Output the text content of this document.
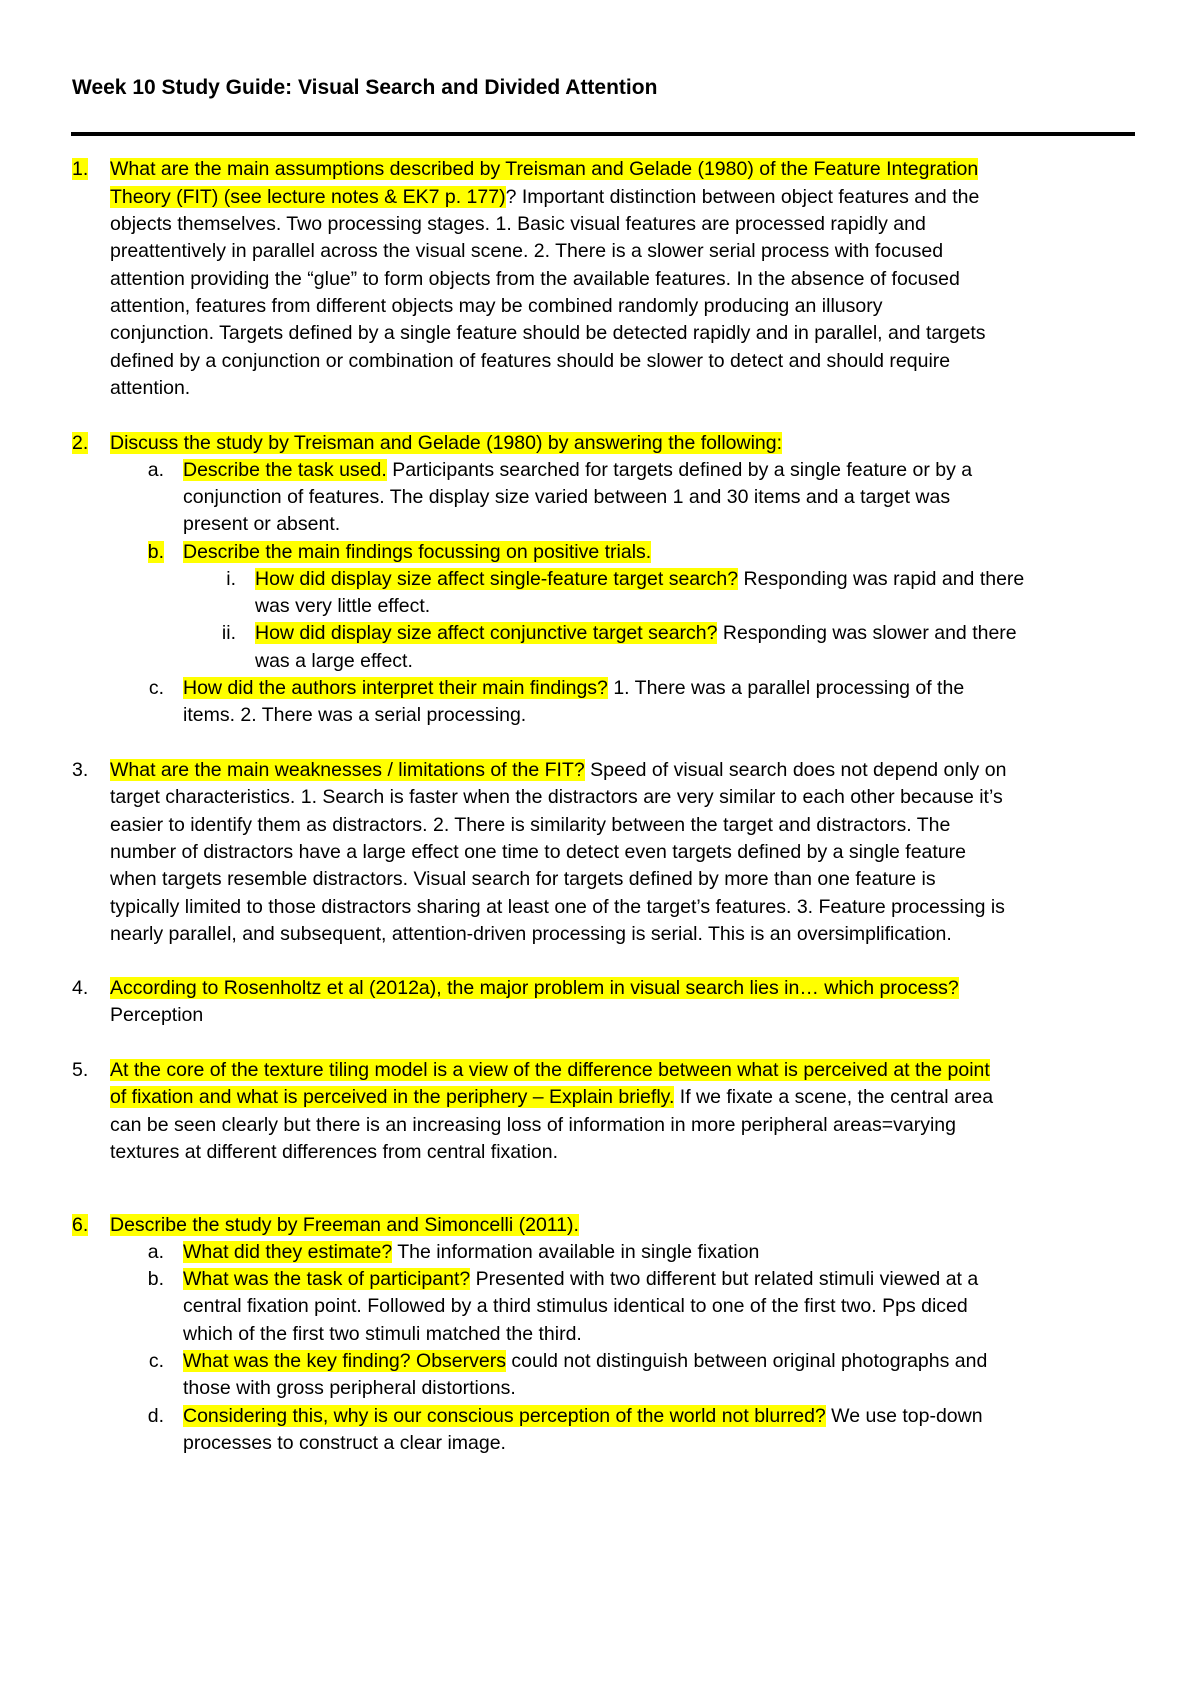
Week 10 Study Guide: Visual Search and Divided Attention
1. What are the main assumptions described by Treisman and Gelade (1980) of the Feature Integration
Theory (FIT) (see lecture notes & EK7 p. 177)? Important distinction between object features and the
objects themselves. Two processing stages. 1. Basic visual features are processed rapidly and
preattentively in parallel across the visual scene. 2. There is a slower serial process with focused
attention providing the “glue” to form objects from the available features. In the absence of focused
attention, features from different objects may be combined randomly producing an illusory
conjunction. Targets defined by a single feature should be detected rapidly and in parallel, and targets
defined by a conjunction or combination of features should be slower to detect and should require
attention.
2. Discuss the study by Treisman and Gelade (1980) by answering the following:
a. Describe the task used. Participants searched for targets defined by a single feature or by a
conjunction of features. The display size varied between 1 and 30 items and a target was
present or absent.
b. Describe the main findings focussing on positive trials.
i. How did display size affect single-feature target search? Responding was rapid and there
was very little effect.
ii. How did display size affect conjunctive target search? Responding was slower and there
was a large effect.
c. How did the authors interpret their main findings? 1. There was a parallel processing of the
items. 2. There was a serial processing.
3. What are the main weaknesses / limitations of the FIT? Speed of visual search does not depend only on
target characteristics. 1. Search is faster when the distractors are very similar to each other because it’s
easier to identify them as distractors. 2. There is similarity between the target and distractors. The
number of distractors have a large effect one time to detect even targets defined by a single feature
when targets resemble distractors. Visual search for targets defined by more than one feature is
typically limited to those distractors sharing at least one of the target’s features. 3. Feature processing is
nearly parallel, and subsequent, attention-driven processing is serial. This is an oversimplification.
4. According to Rosenholtz et al (2012a), the major problem in visual search lies in… which process?
Perception
5. At the core of the texture tiling model is a view of the difference between what is perceived at the point
of fixation and what is perceived in the periphery – Explain briefly. If we fixate a scene, the central area
can be seen clearly but there is an increasing loss of information in more peripheral areas=varying
textures at different differences from central fixation.
6. Describe the study by Freeman and Simoncelli (2011).
a. What did they estimate? The information available in single fixation
b. What was the task of participant? Presented with two different but related stimuli viewed at a
central fixation point. Followed by a third stimulus identical to one of the first two. Pps diced
which of the first two stimuli matched the third.
c. What was the key finding? Observers could not distinguish between original photographs and
those with gross peripheral distortions.
d. Considering this, why is our conscious perception of the world not blurred? We use top-down
processes to construct a clear image.
